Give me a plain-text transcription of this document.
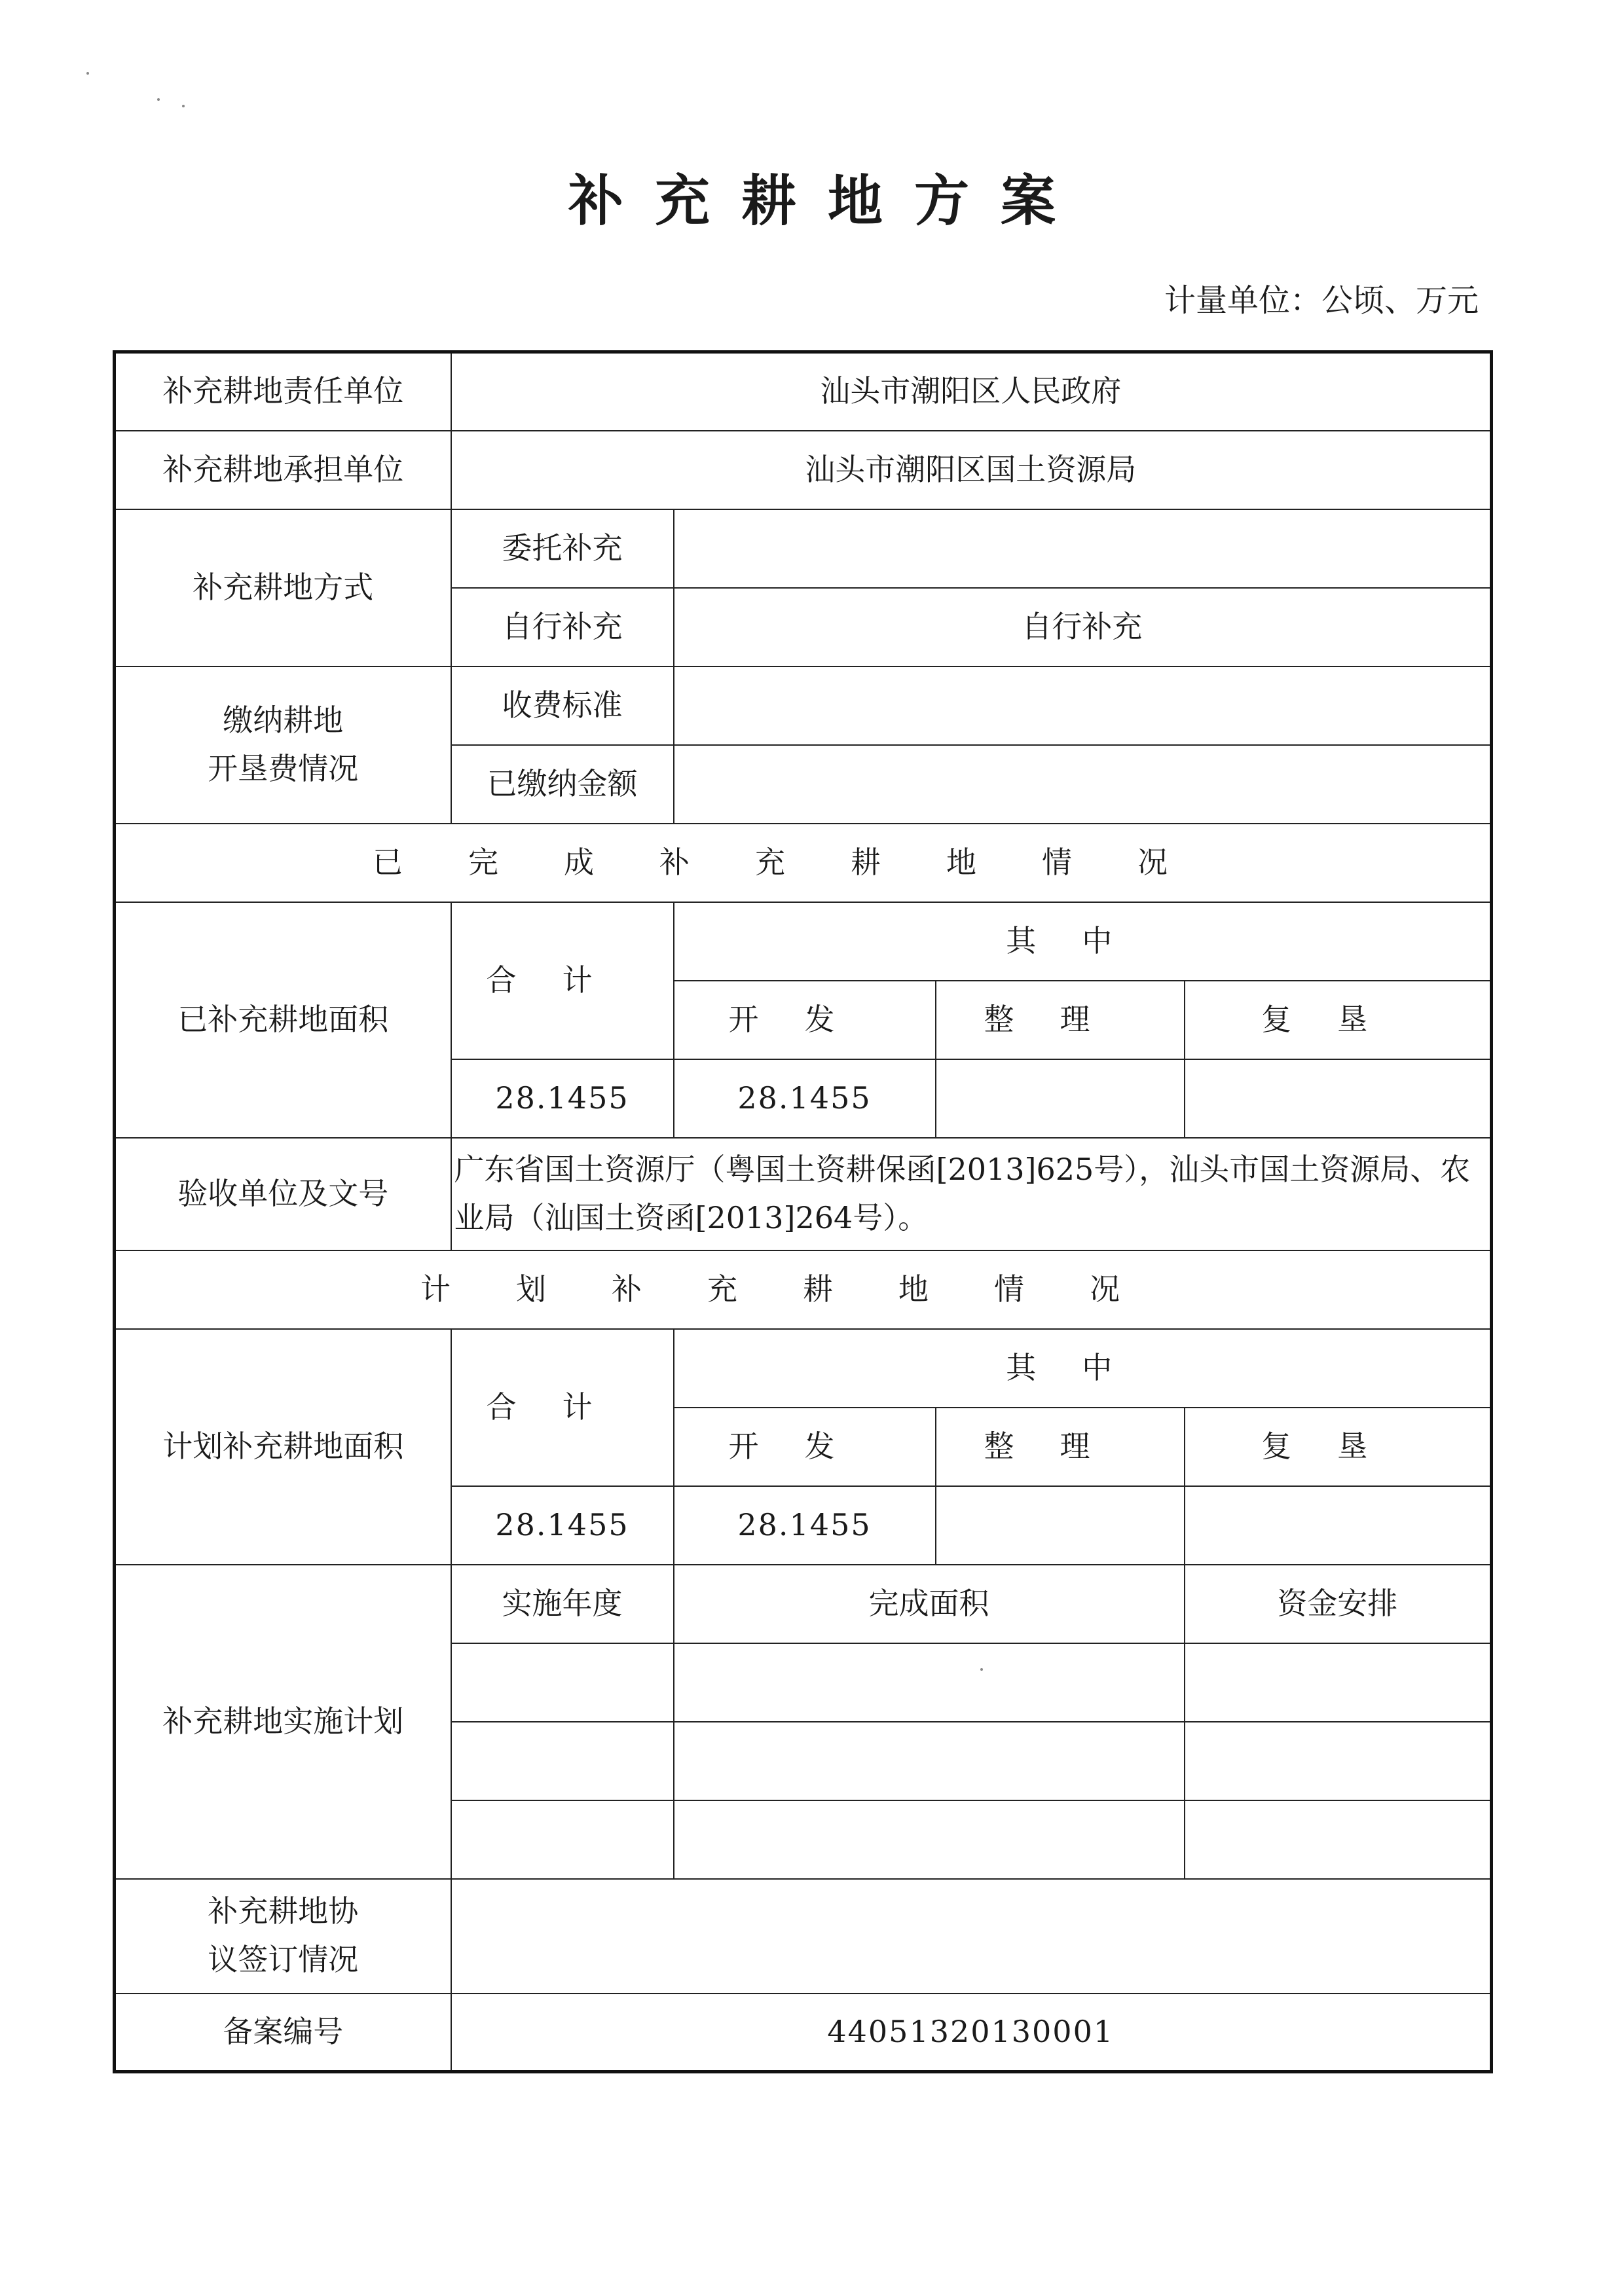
补充耕地方案
计量单位：公顷、万元
补充耕地责任单位	汕头市潮阳区人民政府			
补充耕地承担单位	汕头市潮阳区国土资源局			
补充耕地方式	委托补充			
	自行补充	自行补充		

缴纳耕地
开垦费情况	收费标准			
	已缴纳金额			
已完成补充耕地情况				
已补充耕地面积	合计	其中		
		开发	整理	复垦
	28.1455	28.1455		
验收单位及文号	广东省国土资源厅（粤国土资耕保函[2013]625号），汕头市国土资源局、农业局（汕国土资函[2013]264号）。			
计划补充耕地情况				
计划补充耕地面积	合计	其中		
		开发	整理	复垦
	28.1455	28.1455		
补充耕地实施计划	实施年度	完成面积		资金安排

补充耕地协
议签订情况				

备案编号	44051320130001			
